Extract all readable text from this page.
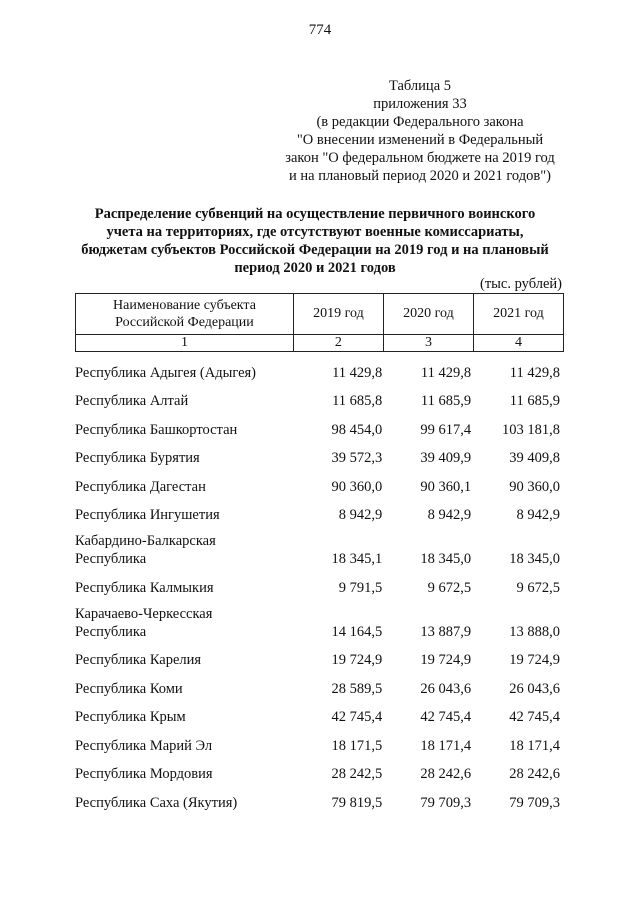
774
Таблица 5
приложения 33
(в редакции Федерального закона
"О внесении изменений в Федеральный
закон "О федеральном бюджете на 2019 год
и на плановый период 2020 и 2021 годов")
Распределение субвенций на осуществление первичного воинского
учета на территориях, где отсутствуют военные комиссариаты,
бюджетам субъектов Российской Федерации на 2019 год и на плановый
период 2020 и 2021 годов
(тыс. рублей)
Наименование субъекта
Российской Федерации	2019 год	2020 год	2021 год
1	2	3	4
Республика Адыгея (Адыгея)	11 429,8	11 429,8	11 429,8
Республика Алтай	11 685,8	11 685,9	11 685,9
Республика Башкортостан	98 454,0	99 617,4	103 181,8
Республика Бурятия	39 572,3	39 409,9	39 409,8
Республика Дагестан	90 360,0	90 360,1	90 360,0
Республика Ингушетия	8 942,9	8 942,9	8 942,9
Кабардино-Балкарская
Республика	18 345,1	18 345,0	18 345,0
Республика Калмыкия	9 791,5	9 672,5	9 672,5
Карачаево-Черкесская
Республика	14 164,5	13 887,9	13 888,0
Республика Карелия	19 724,9	19 724,9	19 724,9
Республика Коми	28 589,5	26 043,6	26 043,6
Республика Крым	42 745,4	42 745,4	42 745,4
Республика Марий Эл	18 171,5	18 171,4	18 171,4
Республика Мордовия	28 242,5	28 242,6	28 242,6
Республика Саха (Якутия)	79 819,5	79 709,3	79 709,3
